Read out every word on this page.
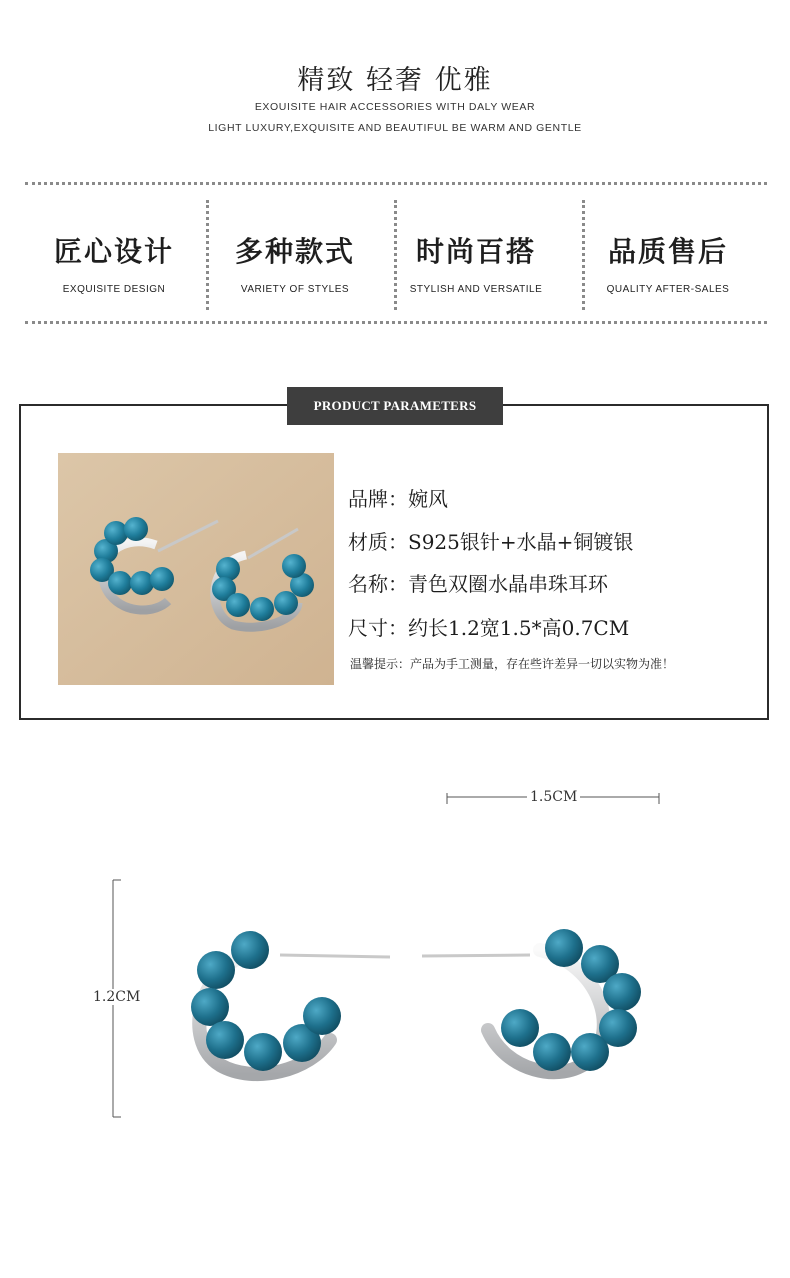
精致 轻奢 优雅
EXOUISITE HAIR ACCESSORIES WITH DALY WEAR
LIGHT LUXURY,EXQUISITE AND BEAUTIFUL BE WARM AND GENTLE
匠心设计
EXQUISITE DESIGN
多种款式
VARIETY OF STYLES
时尚百搭
STYLISH AND VERSATILE
品质售后
QUALITY AFTER-SALES
PRODUCT PARAMETERS
品牌：婉风
材质：S925银针+水晶+铜镀银
名称：青色双圈水晶串珠耳环
尺寸：约长1.2宽1.5*高0.7CM
温馨提示：产品为手工测量，存在些许差异一切以实物为准！
1.5CM
1.2CM
